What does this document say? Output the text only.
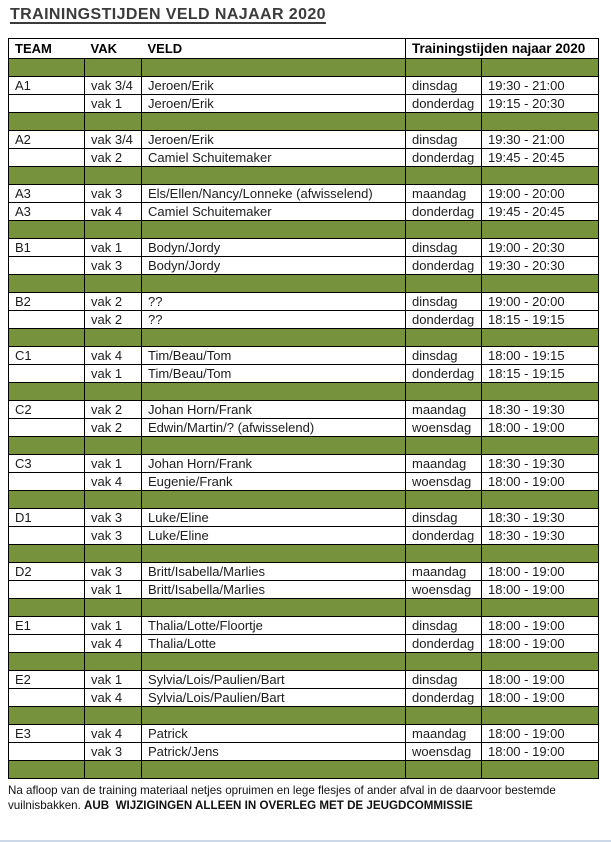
TRAININGSTIJDEN VELD NAJAAR 2020
TEAM	VAK	VELD	Trainingstijden najaar 2020	

A1	vak 3/4	Jeroen/Erik	dinsdag	19:30 - 21:00
	vak 1	Jeroen/Erik	donderdag	19:15 - 20:30

A2	vak 3/4	Jeroen/Erik	dinsdag	19:30 - 21:00
	vak 2	Camiel Schuitemaker	donderdag	19:45 - 20:45

A3	vak 3	Els/Ellen/Nancy/Lonneke (afwisselend)	maandag	19:00 - 20:00
A3	vak 4	Camiel Schuitemaker	donderdag	19:45 - 20:45

B1	vak 1	Bodyn/Jordy	dinsdag	19:00 - 20:30
	vak 3	Bodyn/Jordy	donderdag	19:30 - 20:30

B2	vak 2	??	dinsdag	19:00 - 20:00
	vak 2	??	donderdag	18:15 - 19:15

C1	vak 4	Tim/Beau/Tom	dinsdag	18:00 - 19:15
	vak 1	Tim/Beau/Tom	donderdag	18:15 - 19:15

C2	vak 2	Johan Horn/Frank	maandag	18:30 - 19:30
	vak 2	Edwin/Martin/? (afwisselend)	woensdag	18:00 - 19:00

C3	vak 1	Johan Horn/Frank	maandag	18:30 - 19:30
	vak 4	Eugenie/Frank	woensdag	18:00 - 19:00

D1	vak 3	Luke/Eline	dinsdag	18:30 - 19:30
	vak 3	Luke/Eline	donderdag	18:30 - 19:30

D2	vak 3	Britt/Isabella/Marlies	maandag	18:00 - 19:00
	vak 1	Britt/Isabella/Marlies	woensdag	18:00 - 19:00

E1	vak 1	Thalia/Lotte/Floortje	dinsdag	18:00 - 19:00
	vak 4	Thalia/Lotte	donderdag	18:00 - 19:00

E2	vak 1	Sylvia/Lois/Paulien/Bart	dinsdag	18:00 - 19:00
	vak 4	Sylvia/Lois/Paulien/Bart	donderdag	18:00 - 19:00

E3	vak 4	Patrick	maandag	18:00 - 19:00
	vak 3	Patrick/Jens	woensdag	18:00 - 19:00

Na afloop van de training materiaal netjes opruimen en lege flesjes of ander afval in de daarvoor bestemde vuilnisbakken. AUB  WIJZIGINGEN ALLEEN IN OVERLEG MET DE JEUGDCOMMISSIE
